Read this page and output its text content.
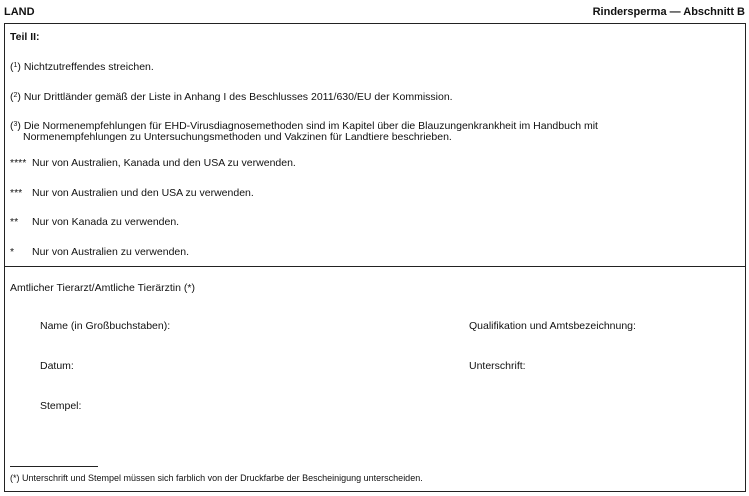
LAND	Rindersperma — Abschnitt B
Teil II:
($^1$) Nichtzutreffendes streichen.
($^2$) Nur Drittländer gemäß der Liste in Anhang I des Beschlusses 2011/630/EU der Kommission.
($^3$) Die Normenempfehlungen für EHD-Virusdiagnosemethoden sind im Kapitel über die Blauzungenkrankheit im Handbuch mit
Normenempfehlungen zu Untersuchungsmethoden und Vakzinen für Landtiere beschrieben.
**** Nur von Australien, Kanada und den USA zu verwenden.
*** Nur von Australien und den USA zu verwenden.
** Nur von Kanada zu verwenden.
* Nur von Australien zu verwenden.
Amtlicher Tierarzt/Amtliche Tierärztin (*)
Name (in Großbuchstaben):	Qualifikation und Amtsbezeichnung:
Datum:	Unterschrift:
Stempel:
(*) Unterschrift und Stempel müssen sich farblich von der Druckfarbe der Bescheinigung unterscheiden.
